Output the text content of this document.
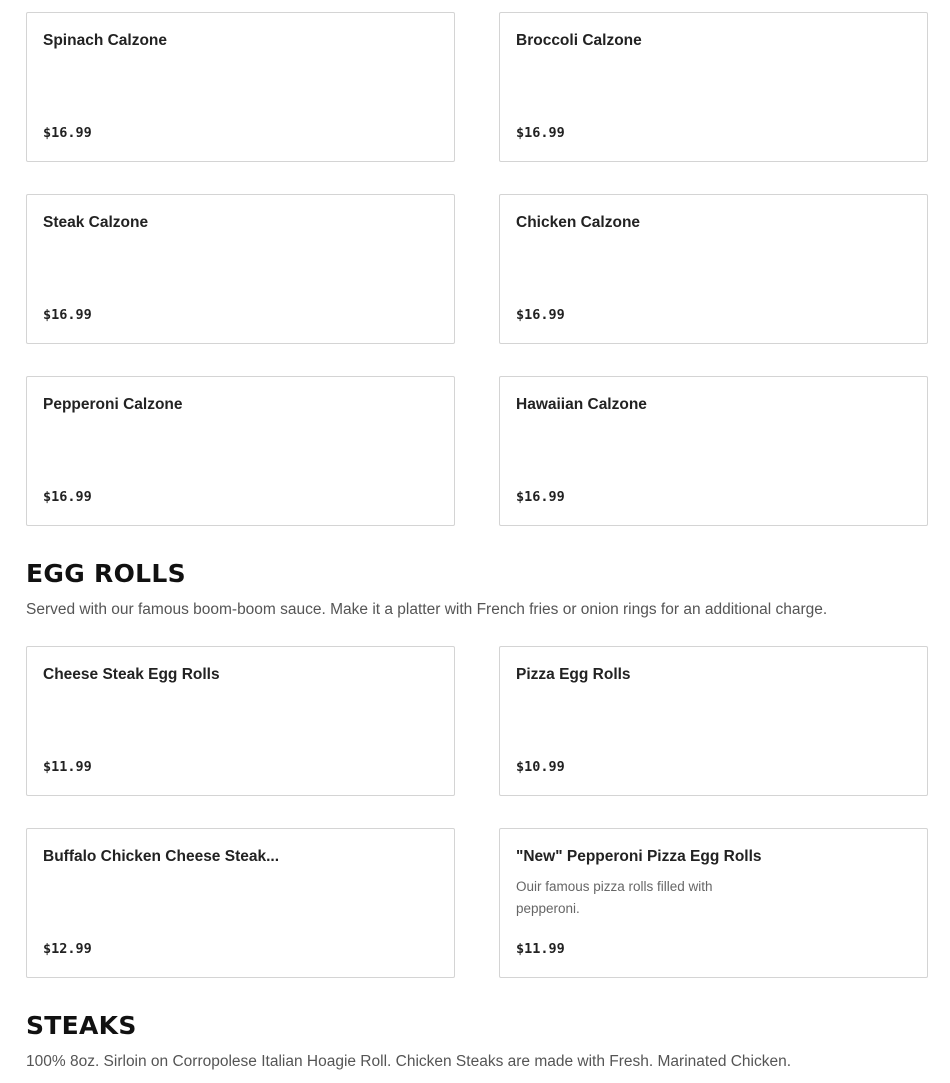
Spinach Calzone
$16.99
Broccoli Calzone
$16.99
Steak Calzone
$16.99
Chicken Calzone
$16.99
Pepperoni Calzone
$16.99
Hawaiian Calzone
$16.99
EGG ROLLS

Served with our famous boom-boom sauce. Make it a platter with French fries or onion rings for an additional charge.

Cheese Steak Egg Rolls
$11.99
Pizza Egg Rolls
$10.99
Buffalo Chicken Cheese Steak...
$12.99
"New" Pepperoni Pizza Egg Rolls
Ouir famous pizza rolls filled with pepperoni.
$11.99
STEAKS

100% 8oz. Sirloin on Corropolese Italian Hoagie Roll. Chicken Steaks are made with Fresh. Marinated Chicken.
